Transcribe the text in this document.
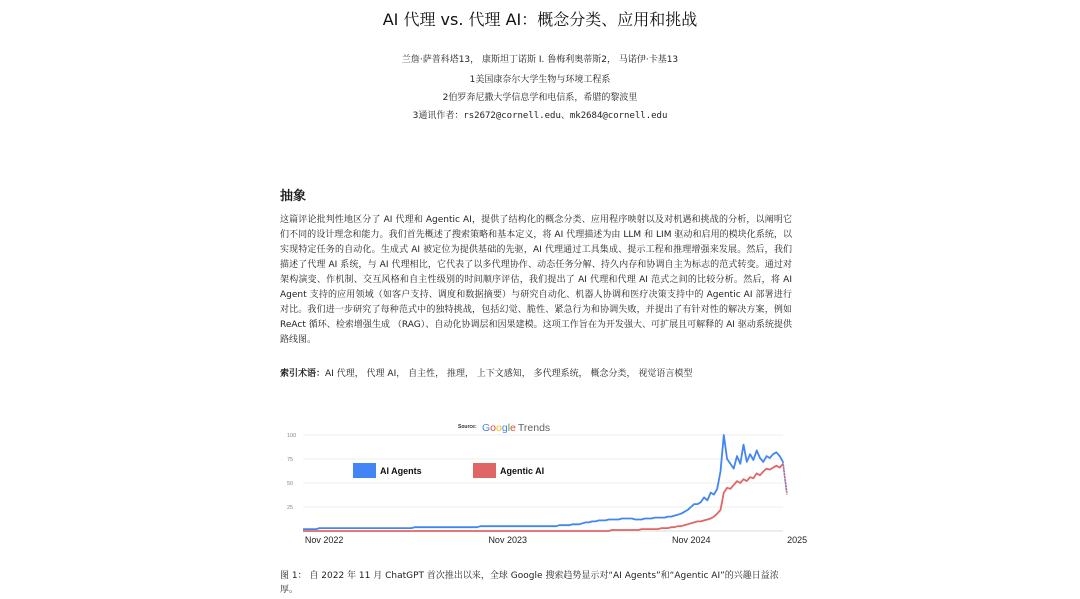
AI 代理 vs. 代理 AI：概念分类、应用和挑战
兰詹·萨普科塔13， 康斯坦丁诺斯 I. 鲁梅利奥蒂斯2， 马诺伊·卡基13
1美国康奈尔大学生物与环境工程系
2伯罗奔尼撒大学信息学和电信系，希腊的黎波里
3通讯作者：rs2672@cornell.edu、mk2684@cornell.edu
抽象

这篇评论批判性地区分了 AI 代理和 Agentic AI，提供了结构化的概念分类、应用程序映射以及对机遇和挑战的分析，以阐明它们不同的设计理念和能力。我们首先概述了搜索策略和基本定义，将 AI 代理描述为由 LLM 和 LIM 驱动和启用的模块化系统，以实现特定任务的自动化。生成式 AI 被定位为提供基础的先驱，AI 代理通过工具集成、提示工程和推理增强来发展。然后，我们描述了代理 AI 系统，与 AI 代理相比，它代表了以多代理协作、动态任务分解、持久内存和协调自主为标志的范式转变。通过对架构演变、作机制、交互风格和自主性级别的时间顺序评估，我们提出了 AI 代理和代理 AI 范式之间的比较分析。然后，将 AI Agent 支持的应用领域（如客户支持、调度和数据摘要）与研究自动化、机器人协调和医疗决策支持中的 Agentic AI 部署进行对比。我们进一步研究了每种范式中的独特挑战，包括幻觉、脆性、紧急行为和协调失败，并提出了有针对性的解决方案，例如 ReAct 循环、检索增强生成 （RAG）、自动化协调层和因果建模。这项工作旨在为开发强大、可扩展且可解释的 AI 驱动系统提供路线图。

索引术语：AI 代理， 代理 AI， 自主性， 推理， 上下文感知， 多代理系统， 概念分类， 视觉语言模型
Source: Google Trends
100
75
50
25
Nov 2022	Nov 2023	Nov 2024	2025
AI Agents	Agentic AI

图 1： 自 2022 年 11 月 ChatGPT 首次推出以来，全球 Google 搜索趋势显示对“AI Agents”和“Agentic AI”的兴趣日益浓厚。
